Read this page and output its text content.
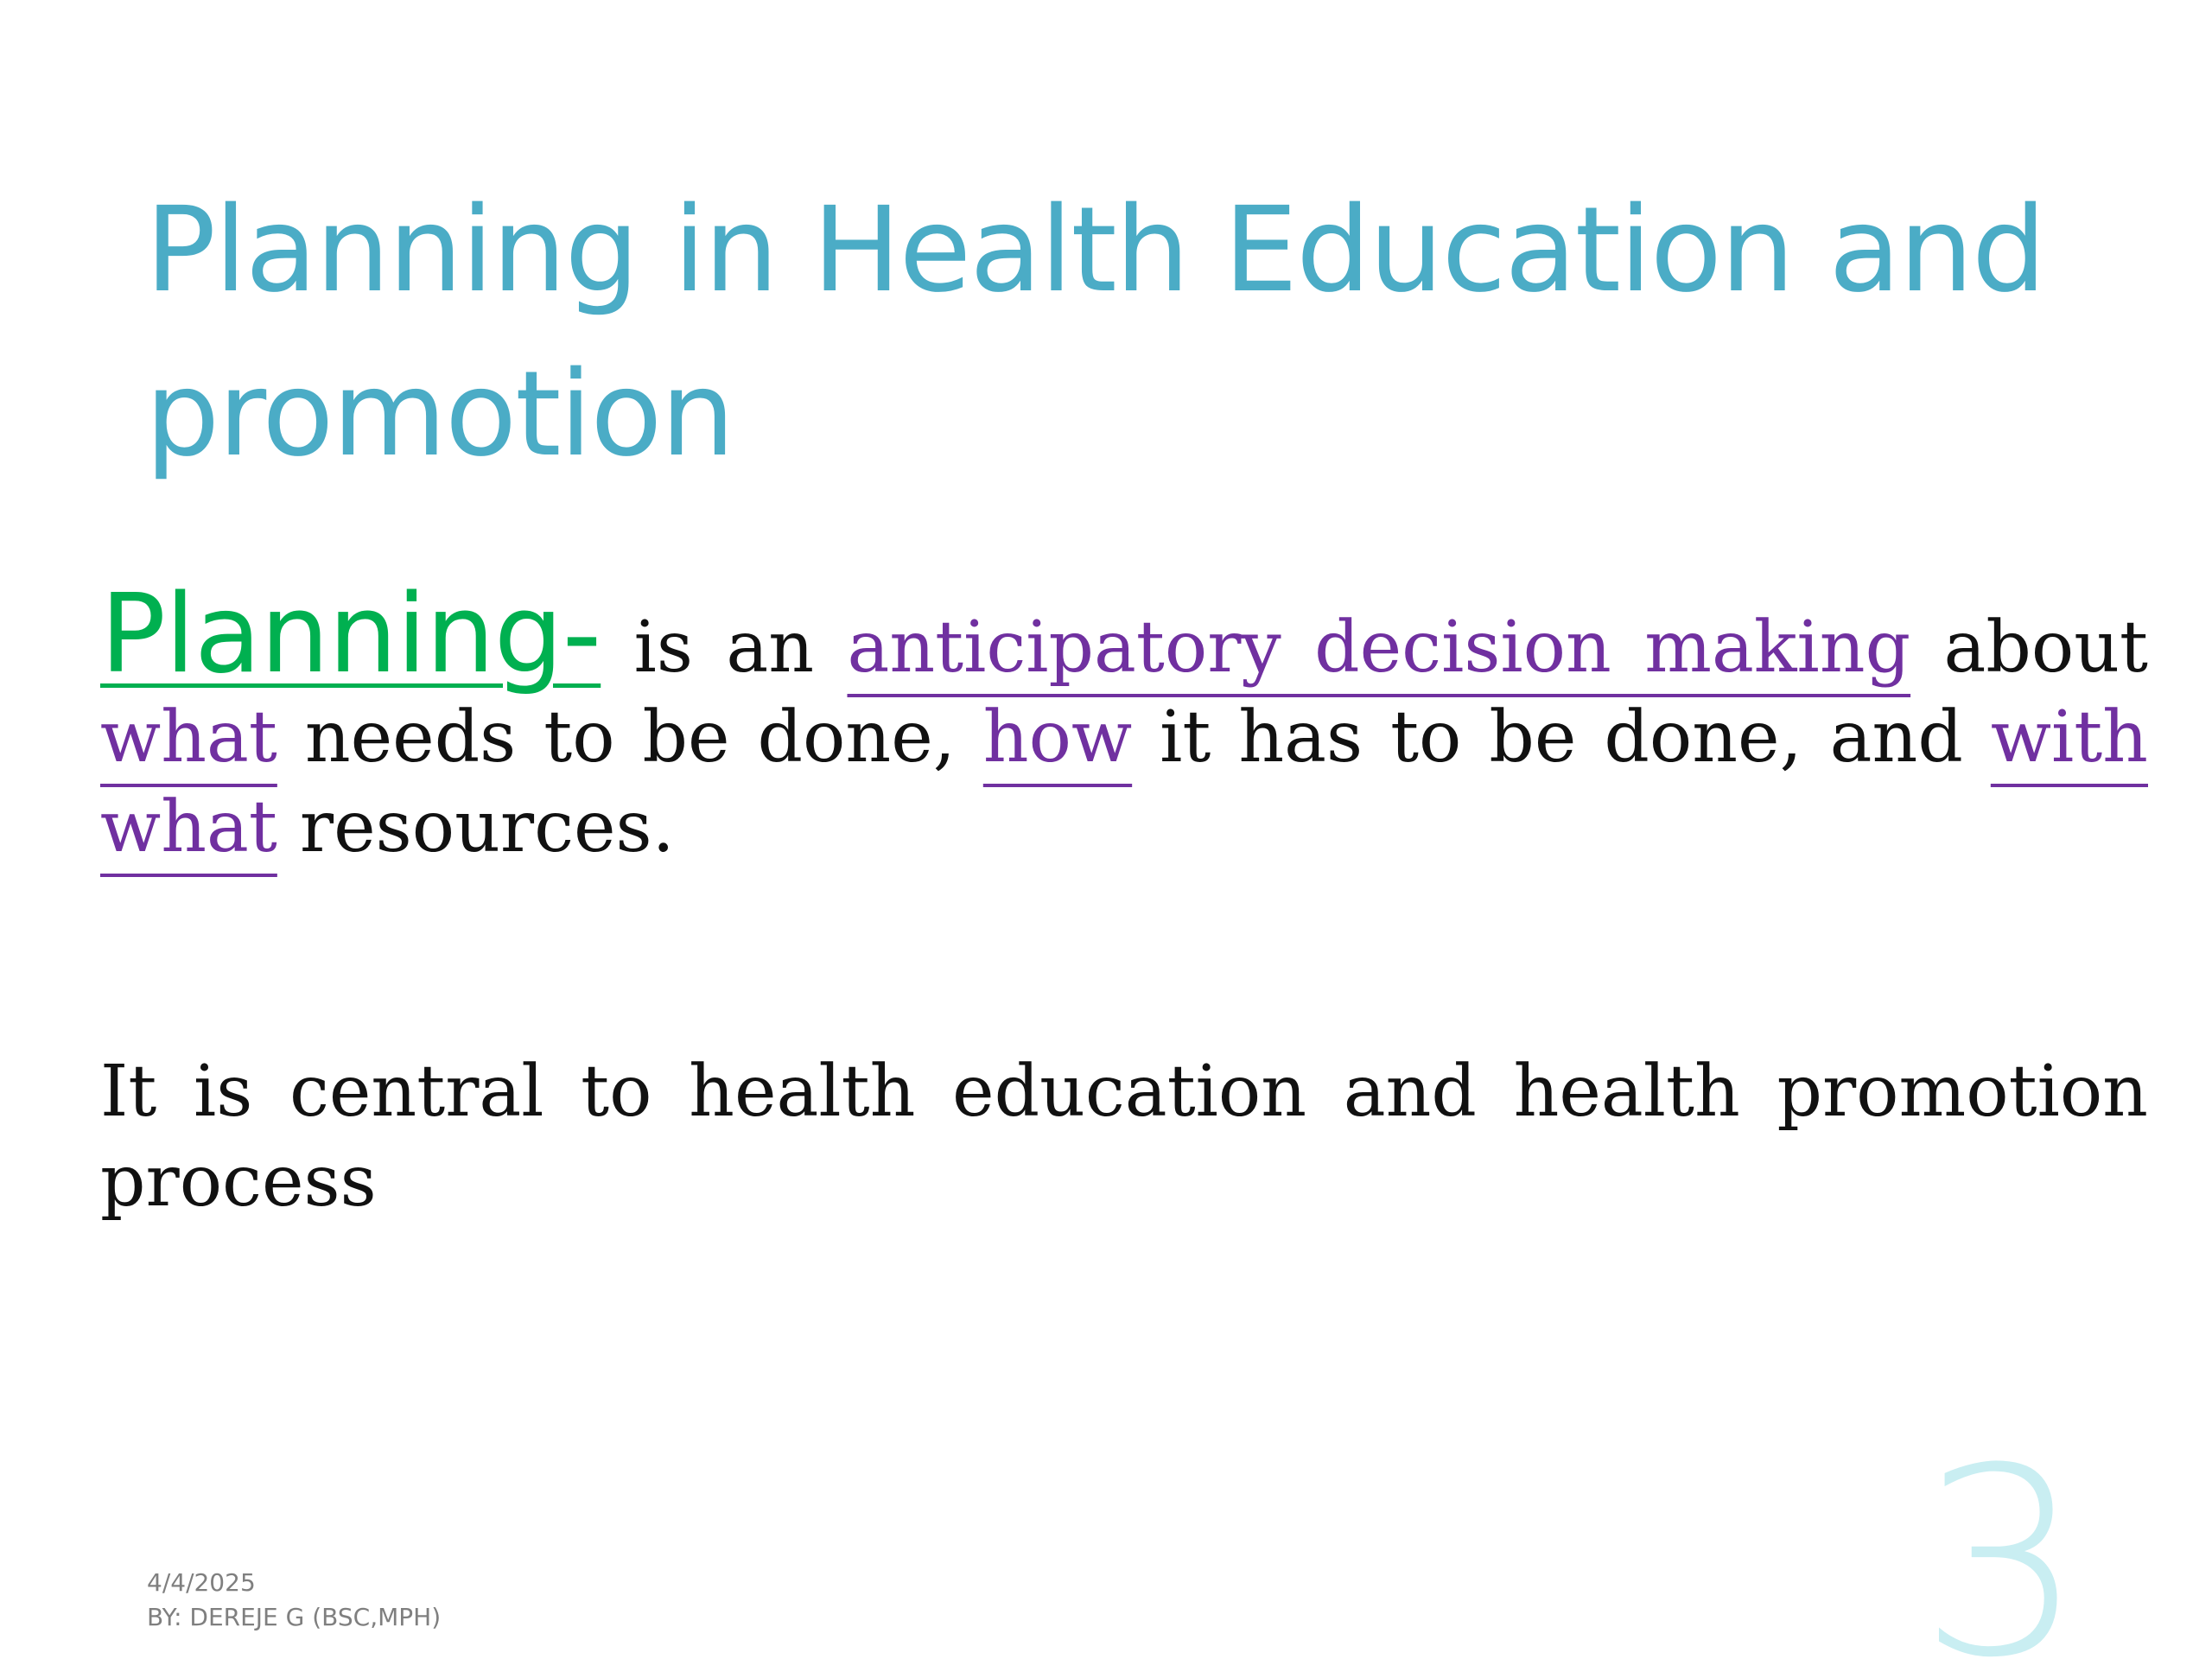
Planning in Health Education and promotion

Planning- is an anticipatory decision making about what needs to be done, how it has to be done, and with what resources.

It is central to health education and health promotion process

4/4/2025
BY: DEREJE G (BSC,MPH)	3
